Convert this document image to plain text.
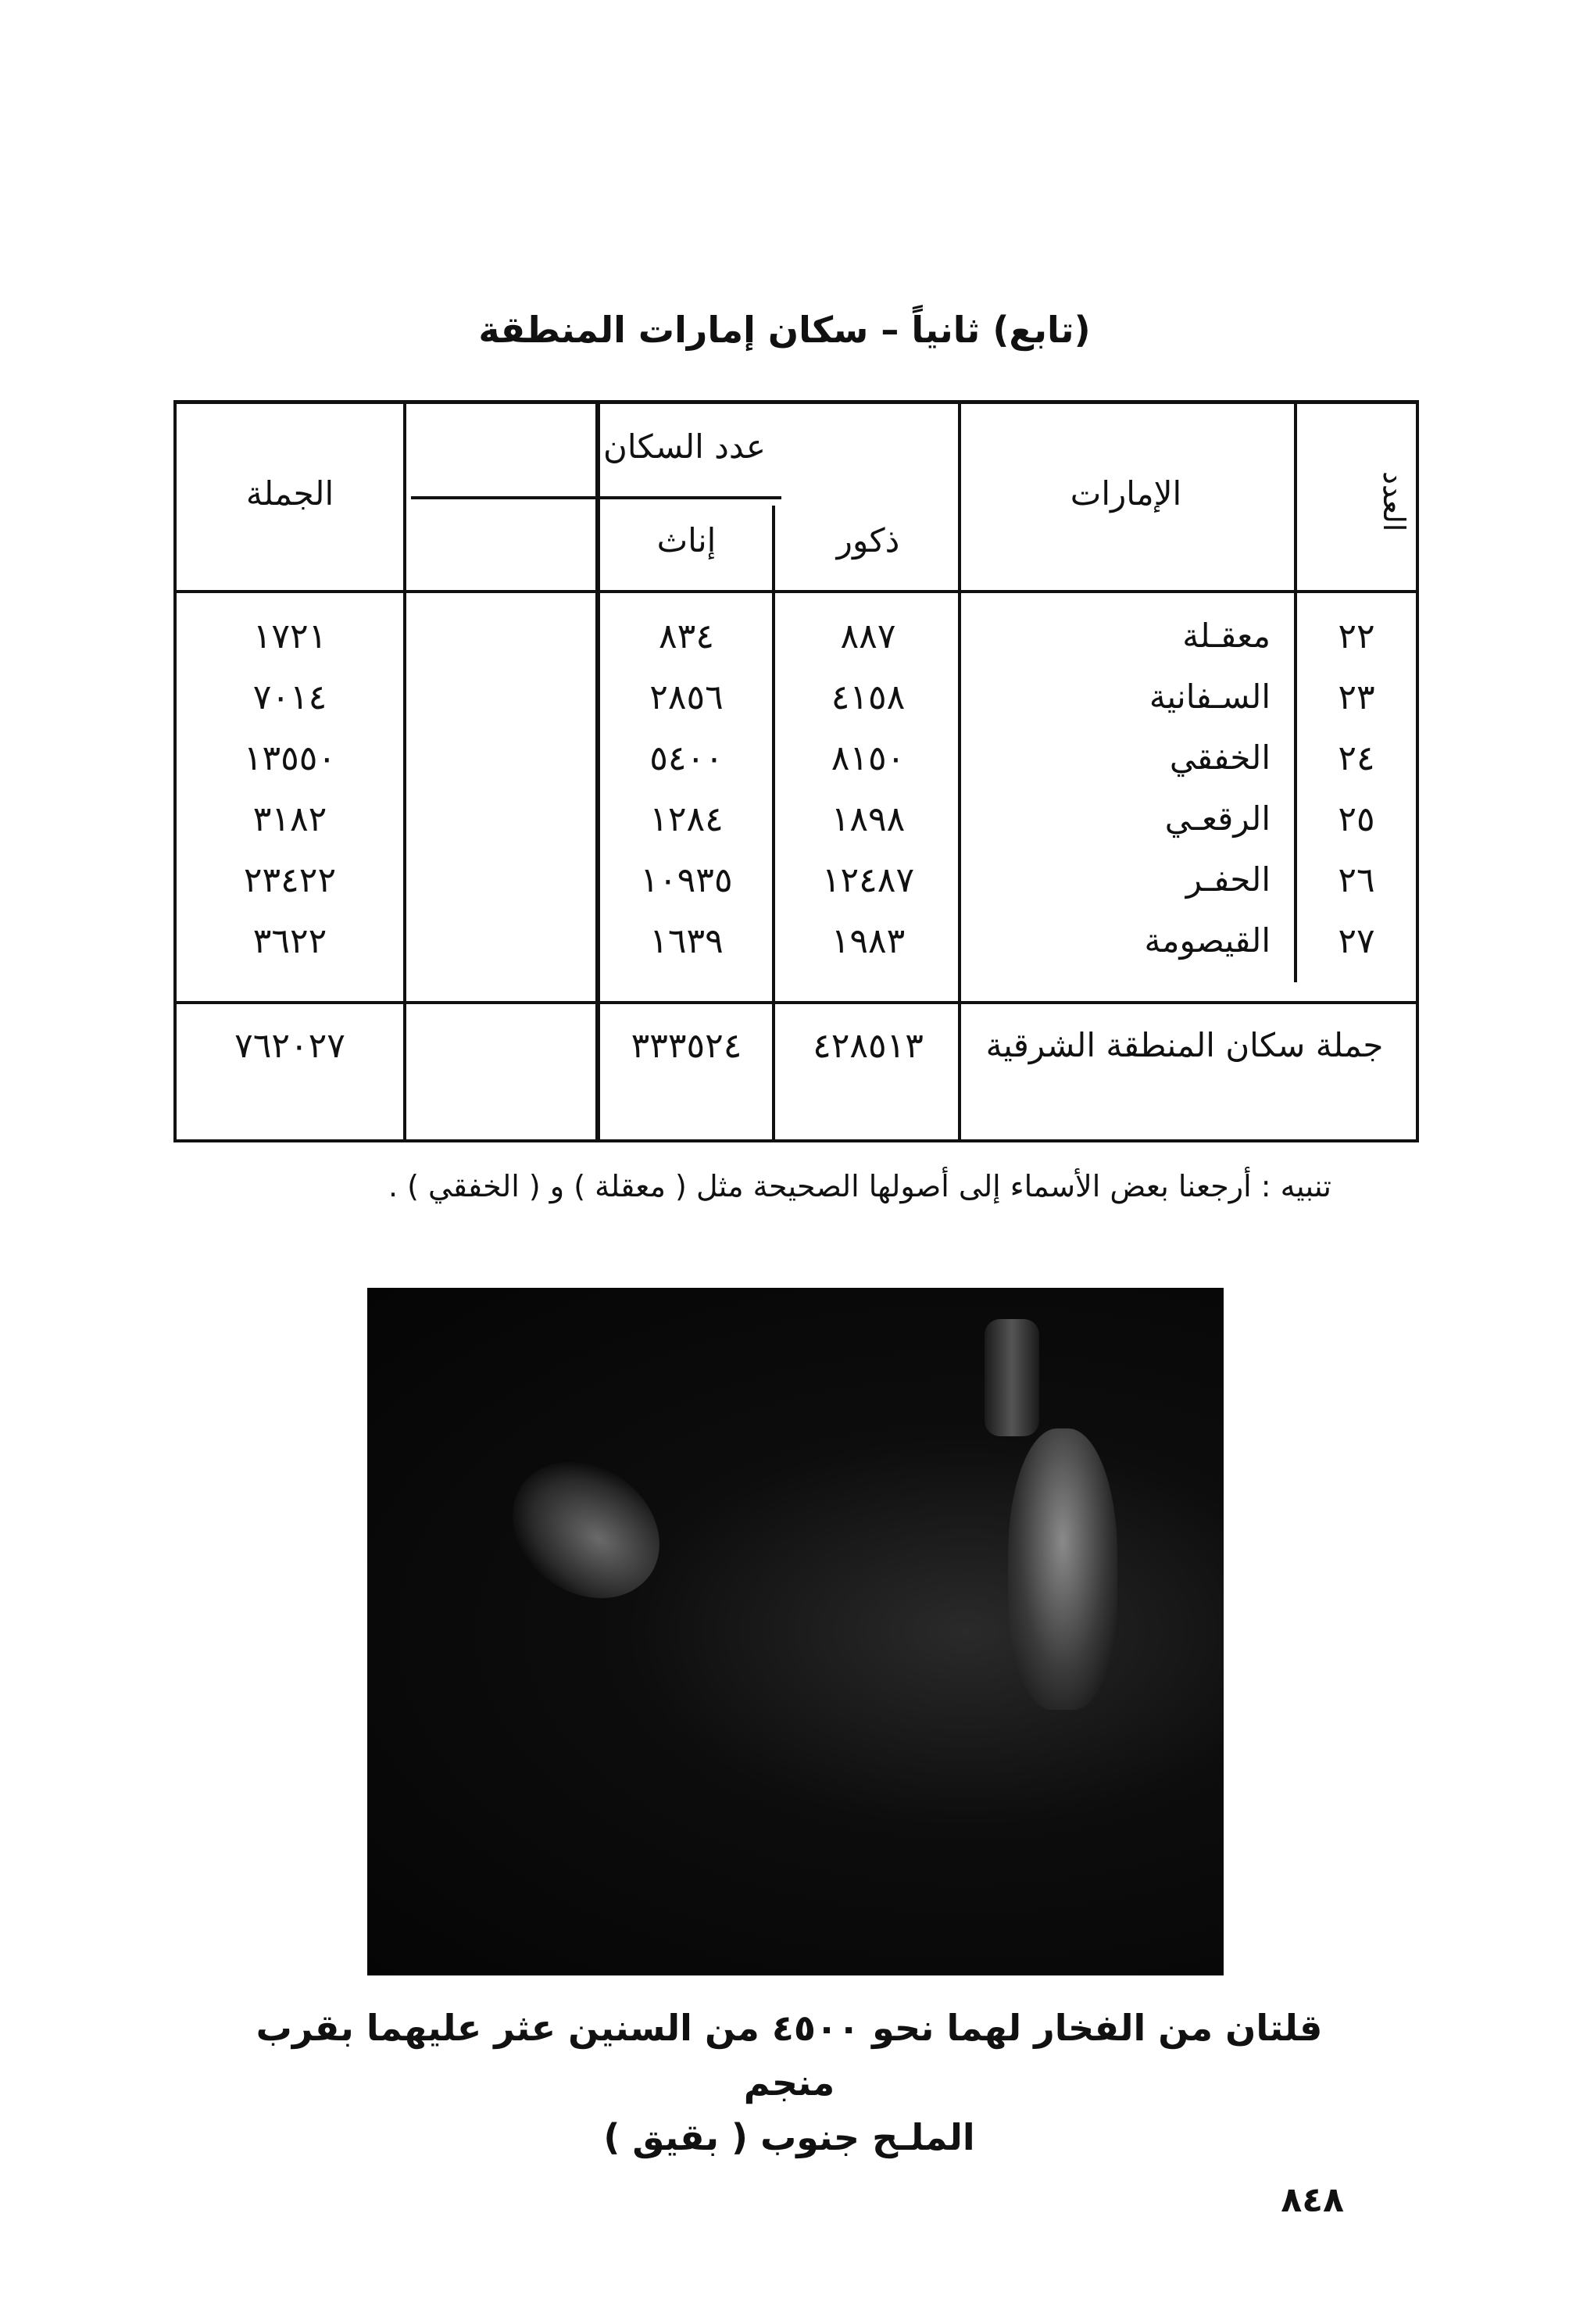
(تابع) ثانياً – سكان إمارات المنطقة
العدد
الإمارات
عدد السكان
ذكور
إناث
الجملة
٢٢
معقـلة
٨٨٧
٨٣٤
١٧٢١
٢٣
السـفانية
٤١٥٨
٢٨٥٦
٧٠١٤
٢٤
الخفقي
٨١٥٠
٥٤٠٠
١٣٥٥٠
٢٥
الرقعـي
١٨٩٨
١٢٨٤
٣١٨٢
٢٦
الحفـر
١٢٤٨٧
١٠٩٣٥
٢٣٤٢٢
٢٧
القيصومة
١٩٨٣
١٦٣٩
٣٦٢٢
جملة سكان المنطقة الشرقية
٤٢٨٥١٣
٣٣٣٥٢٤
٧٦٢٠٢٧
تنبيه : أرجعنا بعض الأسماء إلى أصولها الصحيحة مثل ( معقلة ) و ( الخفقي ) .
قلتان من الفخار لهما نحو ٤٥٠٠ من السنين عثر عليهما بقرب منجم
الملـح جنوب ( بقيق )
٨٤٨
